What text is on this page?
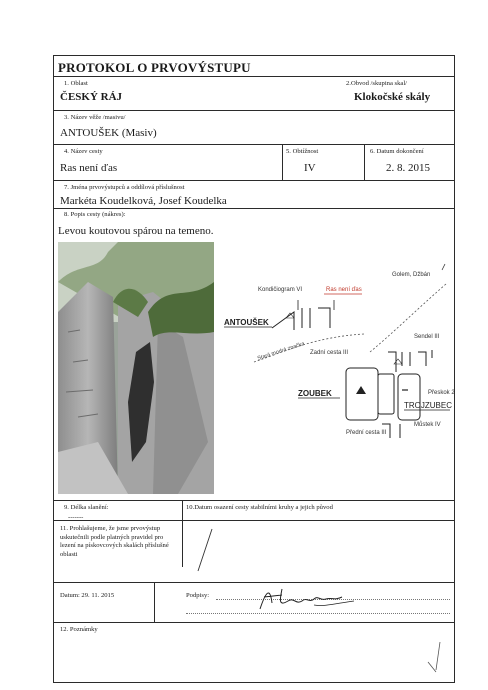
PROTOKOL O PRVOVÝSTUPU
1. Oblast
ČESKÝ RÁJ
2.Obvod /skupina skal/
Klokočské skály
3. Název věže /masivu/
ANTOUŠEK (Masiv)
4. Název cesty
Ras není ďas
5. Obtížnost
IV
6. Datum dokončení
2. 8. 2015
7. Jména prvovýstupců a oddílová příslušnost
Markéta Koudelková, Josef Koudelka
8. Popis cesty (nákres):
Levou koutovou spárou na temeno.
Golem, Džbán
Kondičiogram VI	Ras není ďas
ANTOUŠEK
Stará modrá značka Zadní cesta III
Sendel III
ZOUBEK	Přeskok 2
TROJZUBEC
Můstek IV
Přední cesta III
9. Délka slanění:
-------
10.Datum osazení cesty stabilními kruhy a jejich původ
11. Prohlašujeme, že jsme prvovýstup uskutečnili podle platných pravidel pro lezení na pískovcových skalách příslušné oblasti
Datum: 29. 11. 2015	Podpisy:
12. Poznámky
